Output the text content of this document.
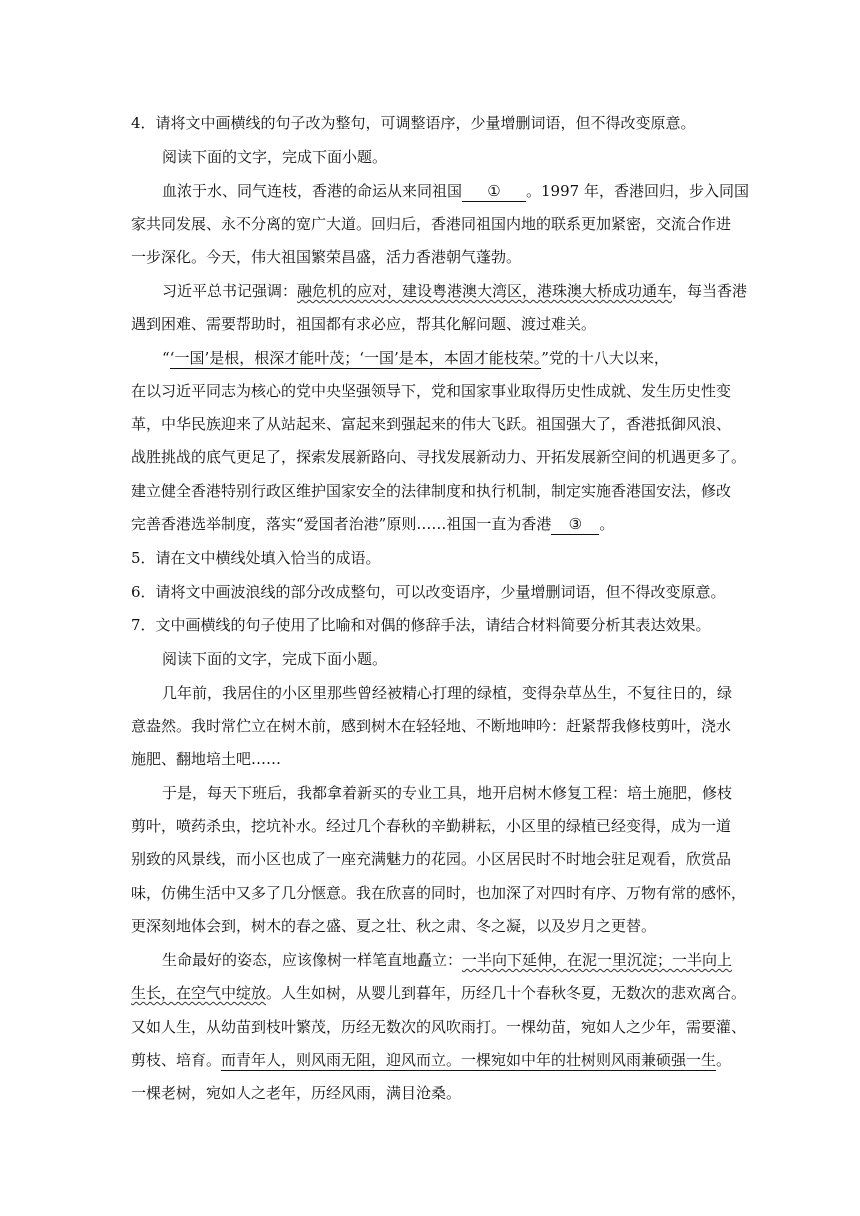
4．请将文中画横线的句子改为整句，可调整语序，少量增删词语，但不得改变原意。
阅读下面的文字，完成下面小题。
血浓于水、同气连枝，香港的命运从来同祖国 ① 。1997 年，香港回归，步入同国
家共同发展、永不分离的宽广大道。回归后，香港同祖国内地的联系更加紧密，交流合作进
一步深化。今天，伟大祖国繁荣昌盛，活力香港朝气蓬勃。
习近平总书记强调：融危机的应对，建设粤港澳大湾区，港珠澳大桥成功通车，每当香港
遇到困难、需要帮助时，祖国都有求必应，帮其化解问题、渡过难关。
“‘一国’是根，根深才能叶茂；‘一国’是本，本固才能枝荣。”党的十八大以来，
在以习近平同志为核心的党中央坚强领导下，党和国家事业取得历史性成就、发生历史性变
革，中华民族迎来了从站起来、富起来到强起来的伟大飞跃。祖国强大了，香港抵御风浪、
战胜挑战的底气更足了，探索发展新路向、寻找发展新动力、开拓发展新空间的机遇更多了。
建立健全香港特别行政区维护国家安全的法律制度和执行机制，制定实施香港国安法，修改
完善香港选举制度，落实“爱国者治港”原则……祖国一直为香港 ③ 。
5．请在文中横线处填入恰当的成语。
6．请将文中画波浪线的部分改成整句，可以改变语序，少量增删词语，但不得改变原意。
7．文中画横线的句子使用了比喻和对偶的修辞手法，请结合材料简要分析其表达效果。
阅读下面的文字，完成下面小题。
几年前，我居住的小区里那些曾经被精心打理的绿植，变得杂草丛生，不复往日的，绿
意盎然。我时常伫立在树木前，感到树木在轻轻地、不断地呻吟：赶紧帮我修枝剪叶，浇水
施肥、翻地培土吧……
于是，每天下班后，我都拿着新买的专业工具，地开启树木修复工程：培土施肥，修枝
剪叶，喷药杀虫，挖坑补水。经过几个春秋的辛勤耕耘，小区里的绿植已经变得，成为一道
别致的风景线，而小区也成了一座充满魅力的花园。小区居民时不时地会驻足观看，欣赏品
味，仿佛生活中又多了几分惬意。我在欣喜的同时，也加深了对四时有序、万物有常的感怀，
更深刻地体会到，树木的春之盛、夏之壮、秋之肃、冬之凝，以及岁月之更替。
生命最好的姿态，应该像树一样笔直地矗立：一半向下延伸，在泥一里沉淀；一半向上
生长，在空气中绽放。人生如树，从婴儿到暮年，历经几十个春秋冬夏，无数次的悲欢离合。
又如人生，从幼苗到枝叶繁茂，历经无数次的风吹雨打。一棵幼苗，宛如人之少年，需要灌、
剪枝、培育。而青年人，则风雨无阻，迎风而立。一棵宛如中年的壮树则风雨兼硕强一生。
一棵老树，宛如人之老年，历经风雨，满目沧桑。
